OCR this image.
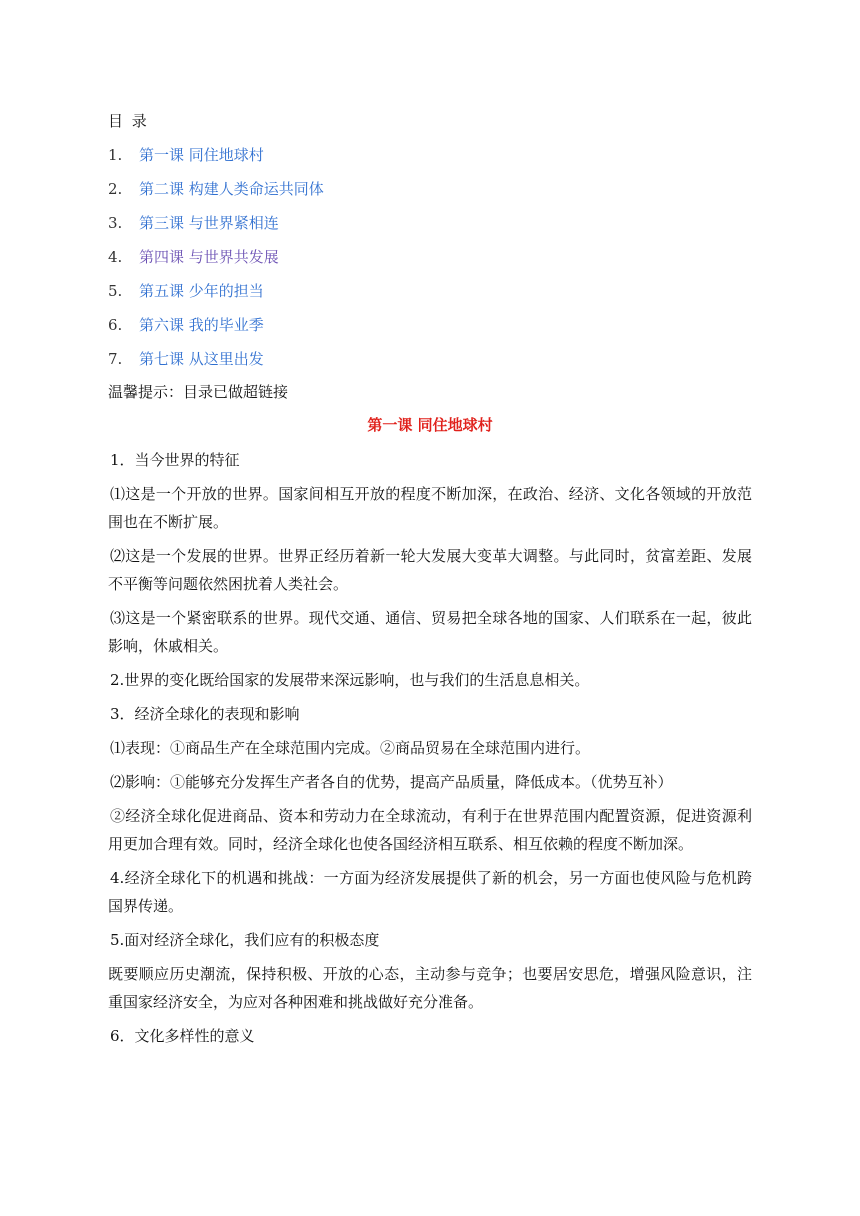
目 录
1.	第一课 同住地球村
2.	第二课 构建人类命运共同体
3.	第三课 与世界紧相连
4.	第四课 与世界共发展
5.	第五课 少年的担当
6.	第六课 我的毕业季
7.	第七课 从这里出发
温馨提示：目录已做超链接
第一课 同住地球村

1．当今世界的特征

⑴这是一个开放的世界。国家间相互开放的程度不断加深，在政治、经济、文化各领域的开放范围也在不断扩展。

⑵这是一个发展的世界。世界正经历着新一轮大发展大变革大调整。与此同时，贫富差距、发展不平衡等问题依然困扰着人类社会。

⑶这是一个紧密联系的世界。现代交通、通信、贸易把全球各地的国家、人们联系在一起，彼此影响，休戚相关。

2.世界的变化既给国家的发展带来深远影响，也与我们的生活息息相关。

3．经济全球化的表现和影响

⑴表现：①商品生产在全球范围内完成。②商品贸易在全球范围内进行。

⑵影响：①能够充分发挥生产者各自的优势，提高产品质量，降低成本。（优势互补）

②经济全球化促进商品、资本和劳动力在全球流动，有利于在世界范围内配置资源，促进资源利用更加合理有效。同时，经济全球化也使各国经济相互联系、相互依赖的程度不断加深。

4.经济全球化下的机遇和挑战：一方面为经济发展提供了新的机会，另一方面也使风险与危机跨国界传递。

5.面对经济全球化，我们应有的积极态度

既要顺应历史潮流，保持积极、开放的心态，主动参与竞争；也要居安思危，增强风险意识，注重国家经济安全，为应对各种困难和挑战做好充分准备。

6．文化多样性的意义
